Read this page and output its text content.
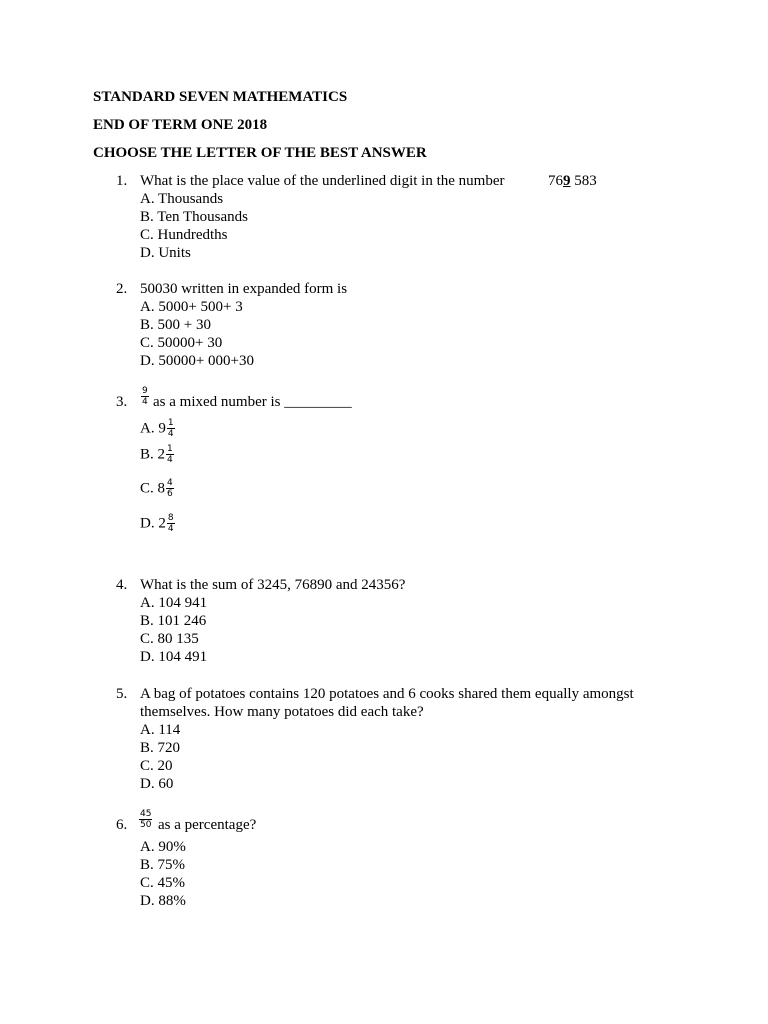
STANDARD SEVEN MATHEMATICS
END OF TERM ONE 2018
CHOOSE THE LETTER OF THE BEST ANSWER
1. What is the place value of the underlined digit in the number	769 583
A. Thousands
B. Ten Thousands
C. Hundredths
D. Units
2. 50030 written in expanded form is
A. 5000+ 500+ 3
B. 500 + 30
C. 50000+ 30
D. 50000+ 000+30
3. $\frac{9}{4}$ as a mixed number is _________
A. $9 \frac{1}{4}$
B. $2 \frac{1}{4}$
C. $8 \frac{4}{6}$
D. $2 \frac{8}{4}$
4. What is the sum of 3245, 76890 and 24356?
A. 104 941
B. 101 246
C. 80 135
D. 104 491
5. A bag of potatoes contains 120 potatoes and 6 cooks shared them equally amongst
themselves. How many potatoes did each take?
A. 114
B. 720
C. 20
D. 60
6. $\frac{45}{50}$ as a percentage?
A. 90%
B. 75%
C. 45%
D. 88%
